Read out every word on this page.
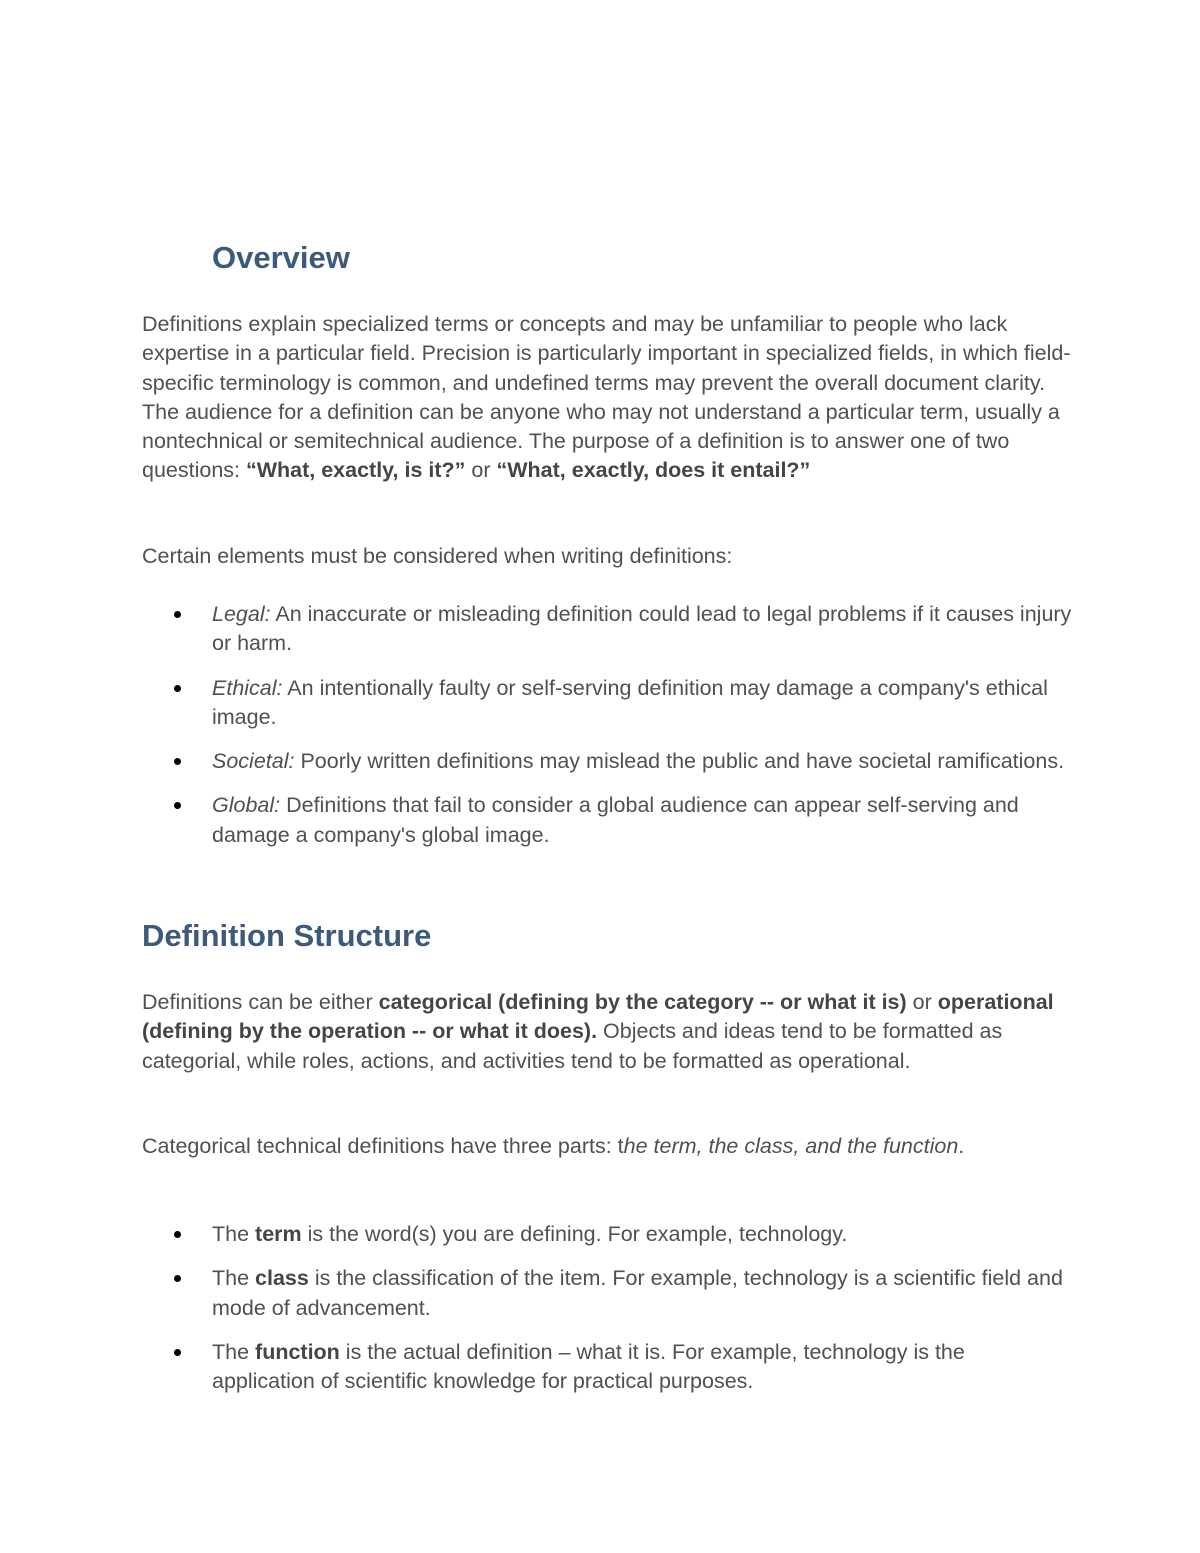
Overview

Definitions explain specialized terms or concepts and may be unfamiliar to people who lack expertise in a particular field. Precision is particularly important in specialized fields, in which field-specific terminology is common, and undefined terms may prevent the overall document clarity. The audience for a definition can be anyone who may not understand a particular term, usually a nontechnical or semitechnical audience. The purpose of a definition is to answer one of two questions: “What, exactly, is it?” or “What, exactly, does it entail?”

Certain elements must be considered when writing definitions:

Legal: An inaccurate or misleading definition could lead to legal problems if it causes injury or harm.
Ethical: An intentionally faulty or self-serving definition may damage a company's ethical image.
Societal: Poorly written definitions may mislead the public and have societal ramifications.
Global: Definitions that fail to consider a global audience can appear self-serving and damage a company's global image.
Definition Structure

Definitions can be either categorical (defining by the category -- or what it is) or operational (defining by the operation -- or what it does). Objects and ideas tend to be formatted as categorial, while roles, actions, and activities tend to be formatted as operational.

Categorical technical definitions have three parts: the term, the class, and the function.

The term is the word(s) you are defining. For example, technology.
The class is the classification of the item. For example, technology is a scientific field and mode of advancement.
The function is the actual definition – what it is. For example, technology is the application of scientific knowledge for practical purposes.
